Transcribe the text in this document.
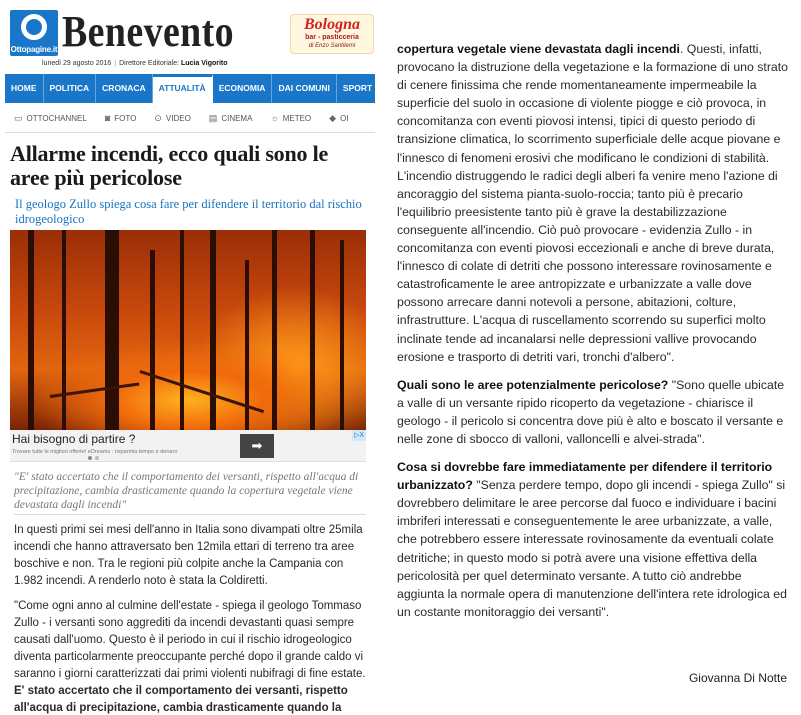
Ottopagine.it Benevento	Bologna
bar - pasticceria
di Enzo Santilemi
lunedì 29 agosto 2016 | Direttore Editoriale: Lucia Vigorito
HOME	POLITICA	CRONACA	ATTUALITÀ	ECONOMIA	DAI COMUNI	SPORT
▭ OTTOCHANNEL ◙ FOTO ⊙ VIDEO ▤ CINEMA ☼ METEO ◆ OI
Allarme incendi, ecco quali sono le aree più pericolose
Il geologo Zullo spiega cosa fare per difendere il territorio dal rischio idrogeologico
Hai bisogno di partire ?
Trovare tutte le migliori offerte! eDreams : risparmia tempo e denaro	➡
▷X
"E' stato accertato che il comportamento dei versanti, rispetto all'acqua di precipitazione, cambia drasticamente quando la copertura vegetale viene devastata dagli incendi"

In questi primi sei mesi dell'anno in Italia sono divampati oltre 25mila incendi che hanno attraversato ben 12mila ettari di terreno tra aree boschive e non. Tra le regioni più colpite anche la Campania con 1.982 incendi. A renderlo noto è stata la Coldiretti.

"Come ogni anno al culmine dell'estate - spiega il geologo Tommaso Zullo - i versanti sono aggrediti da incendi devastanti quasi sempre causati dall'uomo. Questo è il periodo in cui il rischio idrogeologico diventa particolarmente preoccupante perché dopo il grande caldo vi saranno i giorni caratterizzati dai primi violenti nubifragi di fine estate. E' stato accertato che il comportamento dei versanti, rispetto all'acqua di precipitazione, cambia drasticamente quando la

copertura vegetale viene devastata dagli incendi. Questi, infatti, provocano la distruzione della vegetazione e la formazione di uno strato di cenere finissima che rende momentaneamente impermeabile la superficie del suolo in occasione di violente piogge e ciò provoca, in concomitanza con eventi piovosi intensi, tipici di questo periodo di transizione climatica, lo scorrimento superficiale delle acque piovane e l'innesco di fenomeni erosivi che modificano le condizioni di stabilità. L'incendio distruggendo le radici degli alberi fa venire meno l'azione di ancoraggio del sistema pianta-suolo-roccia; tanto più è precario l'equilibrio preesistente tanto più è grave la destabilizzazione conseguente all'incendio. Ciò può provocare - evidenzia Zullo - in concomitanza con eventi piovosi eccezionali e anche di breve durata, l'innesco di colate di detriti che possono interessare rovinosamente e catastroficamente le aree antropizzate e urbanizzate a valle dove possono arrecare danni notevoli a persone, abitazioni, colture, infrastrutture. L'acqua di ruscellamento scorrendo su superfici molto inclinate tende ad incanalarsi nelle depressioni vallive provocando erosione e trasporto di detriti vari, tronchi d'albero".

Quali sono le aree potenzialmente pericolose? "Sono quelle ubicate a valle di un versante ripido ricoperto da vegetazione - chiarisce il geologo - il pericolo si concentra dove più è alto e boscato il versante e nelle zone di sbocco di valloni, valloncelli e alvei-strada".

Cosa si dovrebbe fare immediatamente per difendere il territorio urbanizzato? "Senza perdere tempo, dopo gli incendi - spiega Zullo" si dovrebbero delimitare le aree percorse dal fuoco e individuare i bacini imbriferi interessati e conseguentemente le aree urbanizzate, a valle, che potrebbero essere interessate rovinosamente da eventuali colate detritiche; in questo modo si potrà avere una visione effettiva della pericolosità per quel determinato versante. A tutto ciò andrebbe aggiunta la normale opera di manutenzione dell'intera rete idrologica ed un costante monitoraggio dei versanti".

Giovanna Di Notte
